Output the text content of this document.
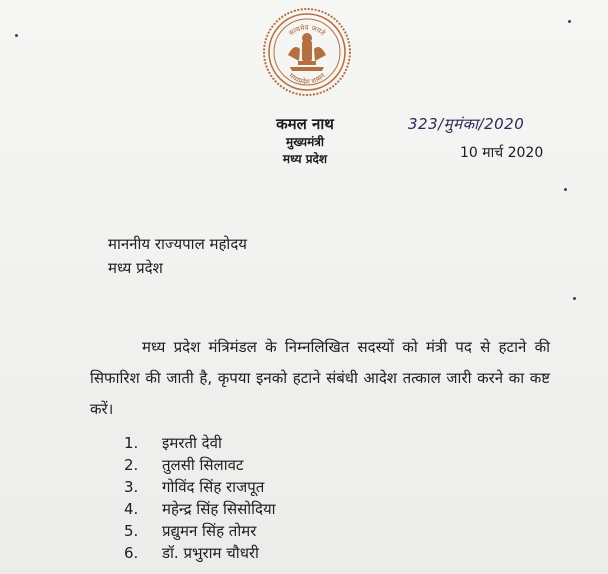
सत्यमेव जयते
मध्यप्रदेश शासन
कमल नाथ
मुख्यमंत्री
मध्य प्रदेश
323/मुमंका/2020
10 मार्च 2020
माननीय राज्यपाल महोदय
मध्य प्रदेश
मध्य प्रदेश मंत्रिमंडल के निम्नलिखित सदस्यों को मंत्री पद से हटाने की सिफारिश की जाती है, कृपया इनको हटाने संबंधी आदेश तत्काल जारी करने का कष्ट करें।
1.	इमरती देवी
2.	तुलसी सिलावट
3.	गोविंद सिंह राजपूत
4.	महेन्द्र सिंह सिसोदिया
5.	प्रद्युमन सिंह तोमर
6.	डॉ. प्रभुराम चौधरी
